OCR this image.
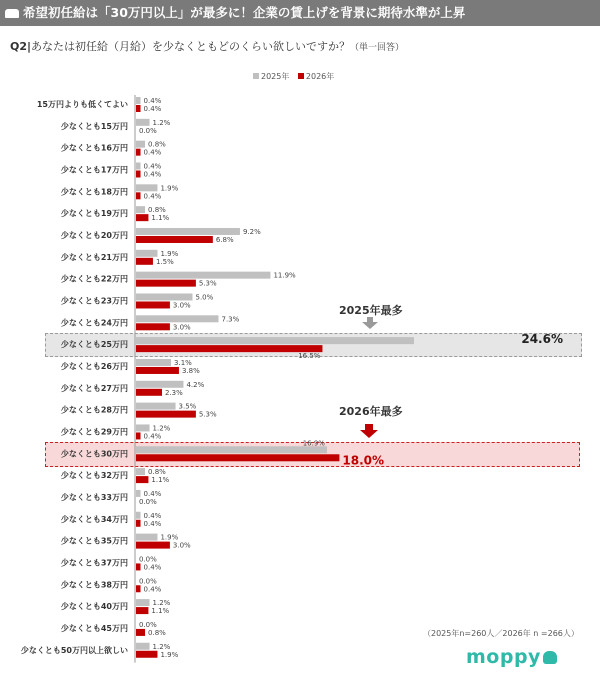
希望初任給は「30万円以上」が最多に！企業の賃上げを背景に期待水準が上昇
Q2|あなたは初任給（月給）を少なくともどのくらい欲しいですか？（単一回答）
2025年 2026年
2025年最多
2026年最多
15万円よりも低くてよい 0.4%
0.4%
少なくとも15万円	1.2%
0.0%
少なくとも16万円	0.8%
0.4%
少なくとも17万円 0.4%
0.4%
少なくとも18万円	1.9%
0.4%
少なくとも19万円	0.8%
1.1%
少なくとも20万円	9.2%
6.8%
少なくとも21万円	1.9%
1.5%
少なくとも22万円	11.9%
5.3%
少なくとも23万円	5.0%
3.0%
少なくとも24万円	7.3%
3.0%
少なくとも25万円	24.6%
16.5%
少なくとも26万円	3.1%
3.8%
少なくとも27万円	4.2%
2.3%
少なくとも28万円	3.5%
5.3%
少なくとも29万円	1.2%
0.4%
少なくとも30万円
16.9%
18.0%
少なくとも32万円	0.8%
1.1%
少なくとも33万円 0.4%
0.0%
少なくとも34万円 0.4%
0.4%
少なくとも35万円	1.9%
3.0%
少なくとも37万円 0.0%
0.4%
少なくとも38万円 0.0%
0.4%
少なくとも40万円	1.2%
1.1%
少なくとも45万円 0.0%
0.8%
少なくとも50万円以上欲しい	1.2%
1.9%
（2025年n=260人／2026年 n =266人）
moppy
